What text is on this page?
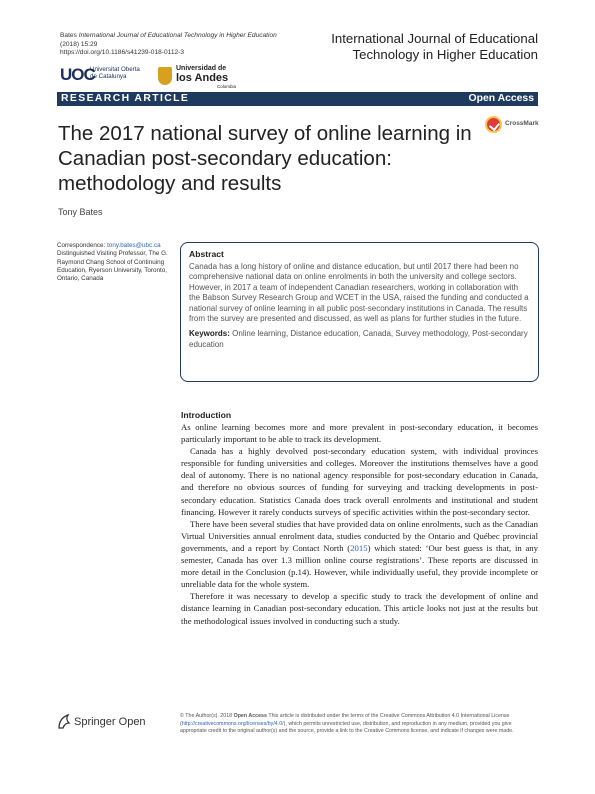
Bates International Journal of Educational Technology in Higher Education
(2018) 15:29
https://doi.org/10.1186/s41239-018-0112-3
International Journal of Educational
Technology in Higher Education
UOC
Universitat Oberta
de Catalunya
Universidad de
los Andes
Colombia
RESEARCH ARTICLE	Open Access
The 2017 national survey of online learning in Canadian post-secondary education: methodology and results
CrossMark
Tony Bates
Correspondence: tony.bates@ubc.ca
Distinguished Visiting Professor, The G. Raymond Chang School of Continuing Education, Ryerson University, Toronto, Ontario, Canada
Abstract

Canada has a long history of online and distance education, but until 2017 there had been no comprehensive national data on online enrolments in both the university and college sectors. However, in 2017 a team of independent Canadian researchers, working in collaboration with the Babson Survey Research Group and WCET in the USA, raised the funding and conducted a national survey of online learning in all public post-secondary institutions in Canada. The results from the survey are presented and discussed, as well as plans for further studies in the future.

Keywords: Online learning, Distance education, Canada, Survey methodology, Post-secondary education

Introduction

As online learning becomes more and more prevalent in post-secondary education, it becomes particularly important to be able to track its development.

Canada has a highly devolved post-secondary education system, with individual provinces responsible for funding universities and colleges. Moreover the institutions themselves have a good deal of autonomy. There is no national agency responsible for post-secondary education in Canada, and therefore no obvious sources of funding for surveying and tracking developments in post-secondary education. Statistics Canada does track overall enrolments and institutional and student financing. However it rarely conducts surveys of specific activities within the post-secondary sector.

There have been several studies that have provided data on online enrolments, such as the Canadian Virtual Universities annual enrolment data, studies conducted by the Ontario and Québec provincial governments, and a report by Contact North (2015) which stated: ‘Our best guess is that, in any semester, Canada has over 1.3 million online course registrations’. These reports are discussed in more detail in the Conclusion (p.14). However, while individually useful, they provide incomplete or unreliable data for the whole system.

Therefore it was necessary to develop a specific study to track the development of online and distance learning in Canadian post-secondary education. This article looks not just at the results but the methodological issues involved in conducting such a study.

Springer Open	© The Author(s). 2018 Open Access This article is distributed under the terms of the Creative Commons Attribution 4.0 International License (http://creativecommons.org/licenses/by/4.0/), which permits unrestricted use, distribution, and reproduction in any medium, provided you give appropriate credit to the original author(s) and the source, provide a link to the Creative Commons license, and indicate if changes were made.
